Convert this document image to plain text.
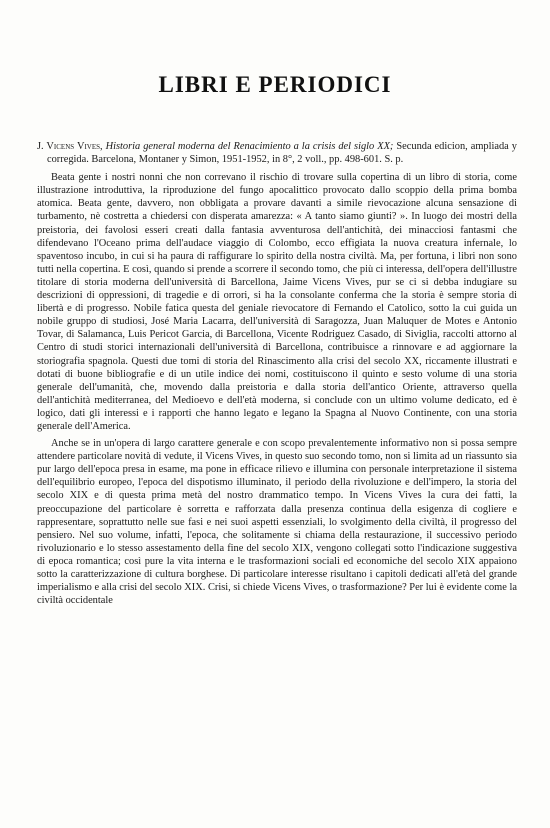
LIBRI E PERIODICI

J. Vicens Vives, Historia general moderna del Renacimiento a la crisis del siglo XX; Secunda edicion, ampliada y corregida. Barcelona, Montaner y Simon, 1951-1952, in 8°, 2 voll., pp. 498-601. S. p.

Beata gente i nostri nonni che non correvano il rischio di trovare sulla copertina di un libro di storia, come illustrazione introduttiva, la riproduzione del fungo apocalittico provocato dallo scoppio della prima bomba atomica. Beata gente, davvero, non obbligata a provare davanti a simile rievocazione alcuna sensazione di turbamento, nè costretta a chiedersi con disperata amarezza: « A tanto siamo giunti? ». In luogo dei mostri della preistoria, dei favolosi esseri creati dalla fantasia avventurosa dell'antichità, dei minacciosi fantasmi che difendevano l'Oceano prima dell'audace viaggio di Colombo, ecco effigiata la nuova creatura infernale, lo spaventoso incubo, in cui si ha paura di raffigurare lo spirito della nostra civiltà. Ma, per fortuna, i libri non sono tutti nella copertina. E così, quando si prende a scorrere il secondo tomo, che più ci interessa, dell'opera dell'illustre titolare di storia moderna dell'università di Barcellona, Jaime Vicens Vives, pur se ci si debba indugiare su descrizioni di oppressioni, di tragedie e di orrori, si ha la consolante conferma che la storia è sempre storia di libertà e di progresso. Nobile fatica questa del geniale rievocatore di Fernando el Catolico, sotto la cui guida un nobile gruppo di studiosi, José Maria Lacarra, dell'università di Saragozza, Juan Maluquer de Motes e Antonio Tovar, di Salamanca, Luis Pericot Garcia, di Barcellona, Vicente Rodriguez Casado, di Siviglia, raccolti attorno al Centro di studi storici internazionali dell'università di Barcellona, contribuisce a rinnovare e ad aggiornare la storiografia spagnola. Questi due tomi di storia del Rinascimento alla crisi del secolo XX, riccamente illustrati e dotati di buone bibliografie e di un utile indice dei nomi, costituiscono il quinto e sesto volume di una storia generale dell'umanità, che, movendo dalla preistoria e dalla storia dell'antico Oriente, attraverso quella dell'antichità mediterranea, del Medioevo e dell'età moderna, si conclude con un ultimo volume dedicato, ed è logico, dati gli interessi e i rapporti che hanno legato e legano la Spagna al Nuovo Continente, con una storia generale dell'America.

Anche se in un'opera di largo carattere generale e con scopo prevalentemente informativo non si possa sempre attendere particolare novità di vedute, il Vicens Vives, in questo suo secondo tomo, non si limita ad un riassunto sia pur largo dell'epoca presa in esame, ma pone in efficace rilievo e illumina con personale interpretazione il sistema dell'equilibrio europeo, l'epoca del dispotismo illuminato, il periodo della rivoluzione e dell'impero, la storia del secolo XIX e di questa prima metà del nostro drammatico tempo. In Vicens Vives la cura dei fatti, la preoccupazione del particolare è sorretta e rafforzata dalla presenza continua della esigenza di cogliere e rappresentare, soprattutto nelle sue fasi e nei suoi aspetti essenziali, lo svolgimento della civiltà, il progresso del pensiero. Nel suo volume, infatti, l'epoca, che solitamente si chiama della restaurazione, il successivo periodo rivoluzionario e lo stesso assestamento della fine del secolo XIX, vengono collegati sotto l'indicazione suggestiva di epoca romantica; così pure la vita interna e le trasformazioni sociali ed economiche del secolo XIX appaiono sotto la caratterizzazione di cultura borghese. Di particolare interesse risultano i capitoli dedicati all'età del grande imperialismo e alla crisi del secolo XIX. Crisi, si chiede Vicens Vives, o trasformazione? Per lui è evidente come la civiltà occidentale
